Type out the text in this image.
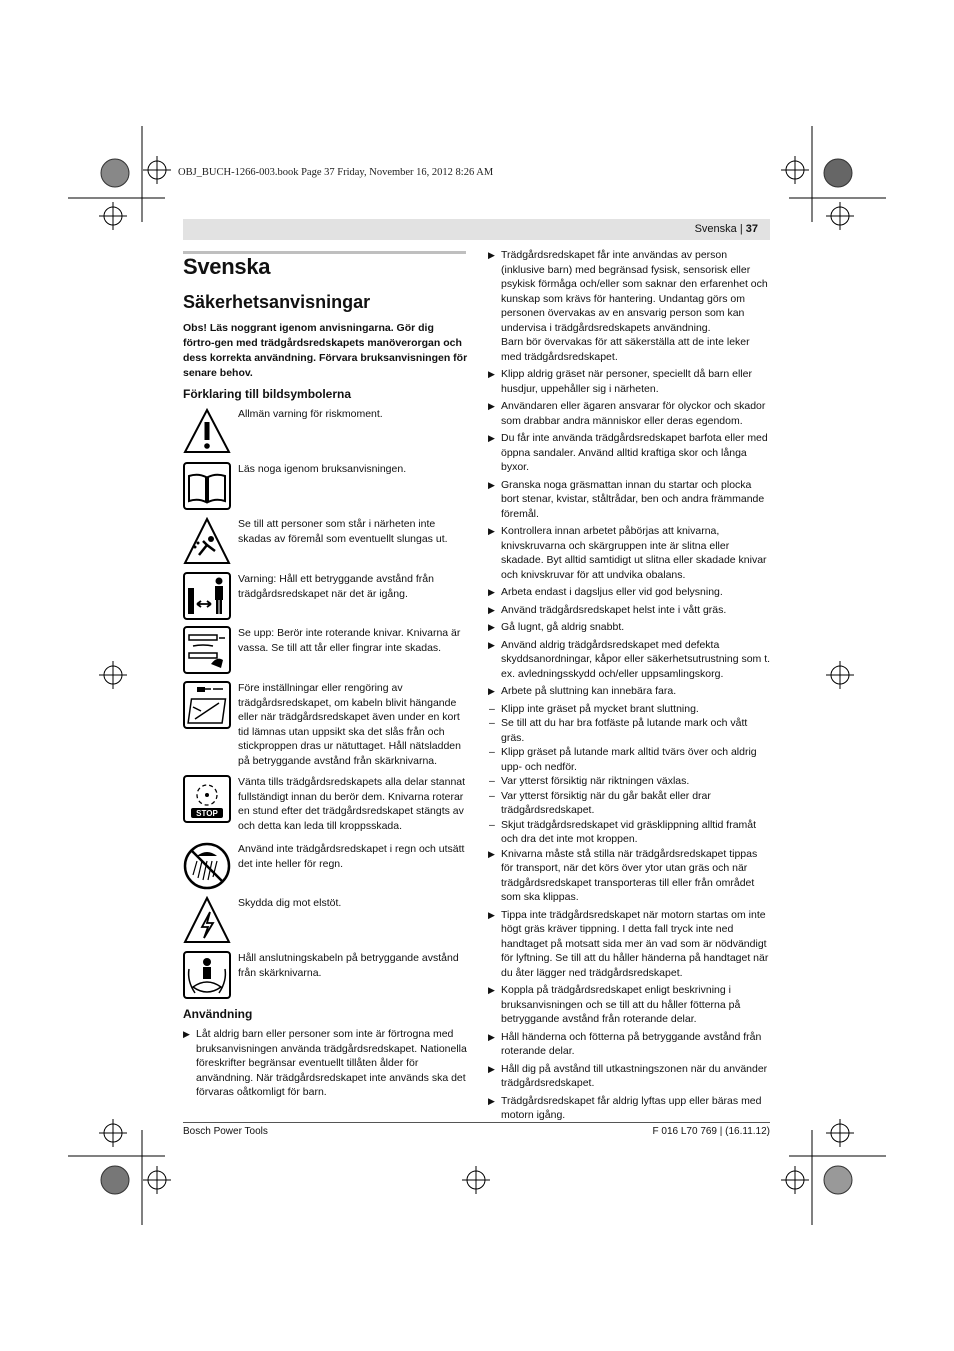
OBJ_BUCH-1266-003.book Page 37 Friday, November 16, 2012 8:26 AM
Svenska | 37
Svenska
Säkerhetsanvisningar
Obs! Läs noggrant igenom anvisningarna. Gör dig förtro-gen med trädgårdsredskapets manöverorgan och dess korrekta användning. Förvara bruksanvisningen för senare behov.
Förklaring till bildsymbolerna
Allmän varning för riskmoment.
Läs noga igenom bruksanvisningen.
Se till att personer som står i närheten inte skadas av föremål som eventuellt slungas ut.
Varning: Håll ett betryggande avstånd från trädgårdsredskapet när det är igång.
Se upp: Berör inte roterande knivar. Knivarna är vassa. Se till att tår eller fingrar inte skadas.
Före inställningar eller rengöring av trädgårdsredskapet, om kabeln blivit hängande eller när trädgårdsredskapet även under en kort tid lämnas utan uppsikt ska det slås från och stickproppen dras ur nätuttaget. Håll nätsladden på betryggande avstånd från skärknivarna.
STOP
Vänta tills trädgårdsredskapets alla delar stannat fullständigt innan du berör dem. Knivarna roterar en stund efter det trädgårdsredskapet stängts av och detta kan leda till kroppsskada.
Använd inte trädgårdsredskapet i regn och utsätt det inte heller för regn.
Skydda dig mot elstöt.
Håll anslutningskabeln på betryggande avstånd från skärknivarna.
Användning
▶ Låt aldrig barn eller personer som inte är förtrogna med bruksanvisningen använda trädgårdsredskapet. Nationella föreskrifter begränsar eventuellt tillåten ålder för användning. När trädgårdsredskapet inte används ska det förvaras oåtkomligt för barn.
▶ Trädgårdsredskapet får inte användas av person (inklusive barn) med begränsad fysisk, sensorisk eller psykisk förmåga och/eller som saknar den erfarenhet och kunskap som krävs för hantering. Undantag görs om personen övervakas av en ansvarig person som kan undervisa i trädgårdsredskapets användning.
Barn bör övervakas för att säkerställa att de inte leker med trädgårdsredskapet.
▶ Klipp aldrig gräset när personer, speciellt då barn eller husdjur, uppehåller sig i närheten.
▶ Användaren eller ägaren ansvarar för olyckor och skador som drabbar andra människor eller deras egendom.
▶ Du får inte använda trädgårdsredskapet barfota eller med öppna sandaler. Använd alltid kraftiga skor och långa byxor.
▶ Granska noga gräsmattan innan du startar och plocka bort stenar, kvistar, ståltrådar, ben och andra främmande föremål.
▶ Kontrollera innan arbetet påbörjas att knivarna, knivskruvarna och skärgruppen inte är slitna eller skadade. Byt alltid samtidigt ut slitna eller skadade knivar och knivskruvar för att undvika obalans.
▶ Arbeta endast i dagsljus eller vid god belysning.
▶ Använd trädgårdsredskapet helst inte i vått gräs.
▶ Gå lugnt, gå aldrig snabbt.
▶ Använd aldrig trädgårdsredskapet med defekta skyddsanordningar, kåpor eller säkerhetsutrustning som t. ex. avledningsskydd och/eller uppsamlingskorg.
▶ Arbete på sluttning kan innebära fara.
– Klipp inte gräset på mycket brant sluttning.
– Se till att du har bra fotfäste på lutande mark och vått gräs.
– Klipp gräset på lutande mark alltid tvärs över och aldrig upp- och nedför.
– Var ytterst försiktig när riktningen växlas.
– Var ytterst försiktig när du går bakåt eller drar trädgårdsredskapet.
– Skjut trädgårdsredskapet vid gräsklippning alltid framåt och dra det inte mot kroppen.
▶ Knivarna måste stå stilla när trädgårdsredskapet tippas för transport, när det körs över ytor utan gräs och när trädgårdsredskapet transporteras till eller från området som ska klippas.
▶ Tippa inte trädgårdsredskapet när motorn startas om inte högt gräs kräver tippning. I detta fall tryck inte ned handtaget på motsatt sida mer än vad som är nödvändigt för lyftning. Se till att du håller händerna på handtaget när du åter lägger ned trädgårdsredskapet.
▶ Koppla på trädgårdsredskapet enligt beskrivning i bruksanvisningen och se till att du håller fötterna på betryggande avstånd från roterande delar.
▶ Håll händerna och fötterna på betryggande avstånd från roterande delar.
▶ Håll dig på avstånd till utkastningszonen när du använder trädgårdsredskapet.
▶ Trädgårdsredskapet får aldrig lyftas upp eller bäras med motorn igång.
Bosch Power Tools	F 016 L70 769 | (16.11.12)
